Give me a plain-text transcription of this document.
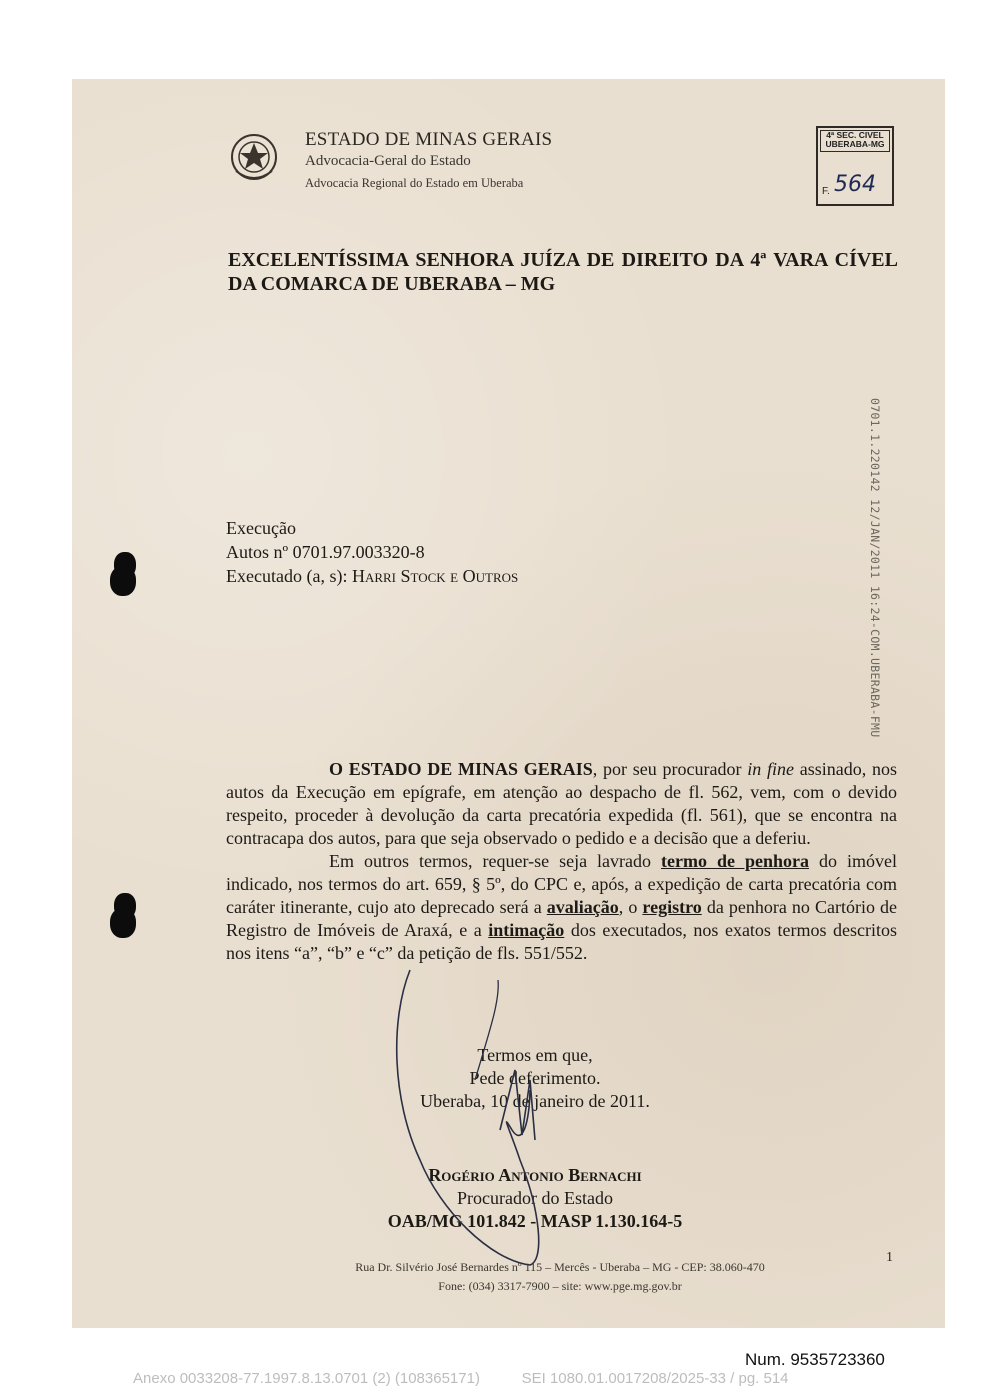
ESTADO DE MINAS GERAIS
Advocacia-Geral do Estado
Advocacia Regional do Estado em Uberaba
4ª SEC. CIVEL
UBERABA-MG
F. 564
EXCELENTÍSSIMA SENHORA JUÍZA DE DIREITO DA 4ª VARA CÍVEL DA COMARCA DE UBERABA – MG
0701.1.220142 12/JAN/2011 16:24-COM.UBERABA-FMU
Execução
Autos nº 0701.97.003320-8
Executado (a, s): Harri Stock e Outros

O ESTADO DE MINAS GERAIS, por seu procurador in fine assinado, nos autos da Execução em epígrafe, em atenção ao despacho de fl. 562, vem, com o devido respeito, proceder à devolução da carta precatória expedida (fl. 561), que se encontra na contracapa dos autos, para que seja observado o pedido e a decisão que a deferiu.

Em outros termos, requer-se seja lavrado termo de penhora do imóvel indicado, nos termos do art. 659, § 5º, do CPC e, após, a expedição de carta precatória com caráter itinerante, cujo ato deprecado será a avaliação, o registro da penhora no Cartório de Registro de Imóveis de Araxá, e a intimação dos executados, nos exatos termos descritos nos itens “a”, “b” e “c” da petição de fls. 551/552.

Termos em que,
Pede deferimento.
Uberaba, 10 de janeiro de 2011.
Rogério Antonio Bernachi
Procurador do Estado
OAB/MG 101.842 - MASP 1.130.164-5
1
Rua Dr. Silvério José Bernardes nº 115 – Mercês - Uberaba – MG - CEP: 38.060-470
Fone: (034) 3317-7900 – site: www.pge.mg.gov.br
Num. 9535723360
Anexo 0033208-77.1997.8.13.0701 (2) (108365171)          SEI 1080.01.0017208/2025-33 / pg. 514
